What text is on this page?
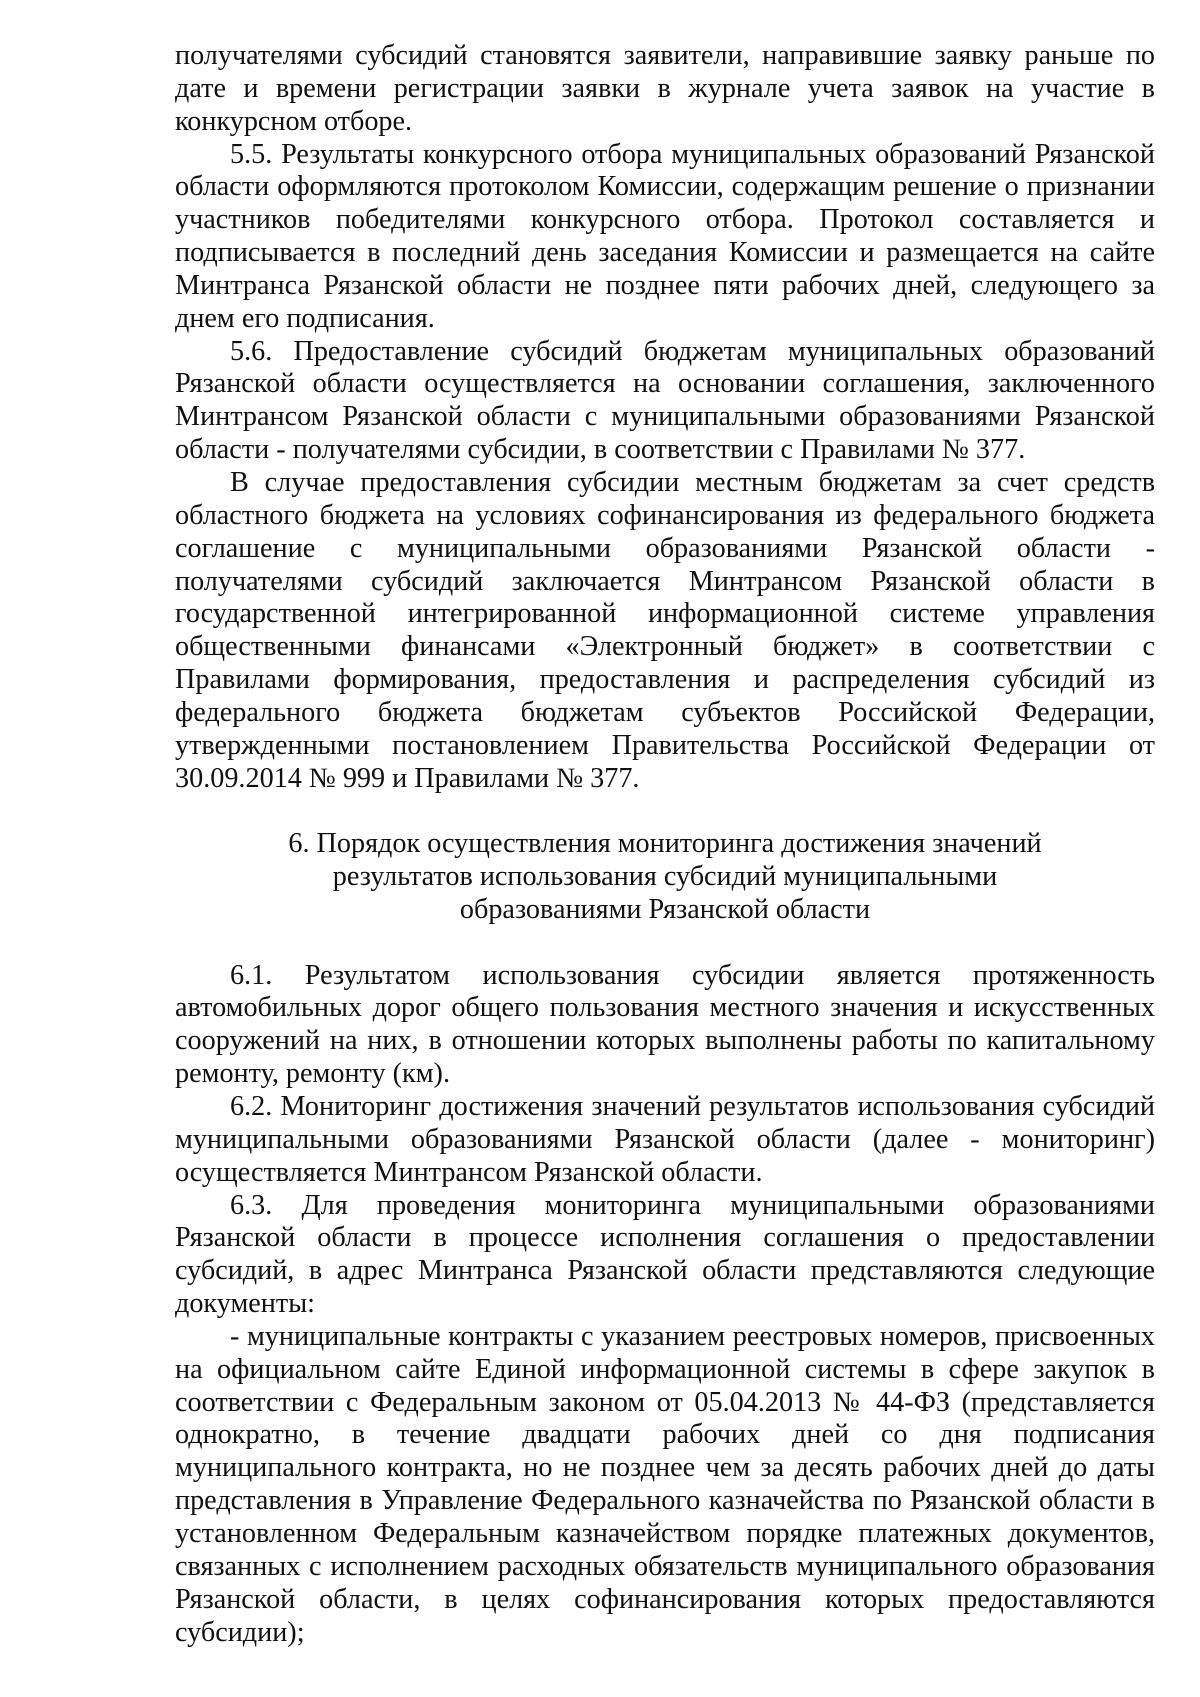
получателями субсидий становятся заявители, направившие заявку раньше по дате и времени регистрации заявки в журнале учета заявок на участие в конкурсном отборе.

5.5. Результаты конкурсного отбора муниципальных образований Рязанской области оформляются протоколом Комиссии, содержащим решение о признании участников победителями конкурсного отбора. Протокол составляется и подписывается в последний день заседания Комиссии и размещается на сайте Минтранса Рязанской области не позднее пяти рабочих дней, следующего за днем его подписания.

5.6. Предоставление субсидий бюджетам муниципальных образований Рязанской области осуществляется на основании соглашения, заключенного Минтрансом Рязанской области с муниципальными образованиями Рязанской области - получателями субсидии, в соответствии с Правилами № 377.

В случае предоставления субсидии местным бюджетам за счет средств областного бюджета на условиях софинансирования из федерального бюджета соглашение с муниципальными образованиями Рязанской области - получателями субсидий заключается Минтрансом Рязанской области в государственной интегрированной информационной системе управления общественными финансами «Электронный бюджет» в соответствии с Правилами формирования, предоставления и распределения субсидий из федерального бюджета бюджетам субъектов Российской Федерации, утвержденными постановлением Правительства Российской Федерации от 30.09.2014 № 999 и Правилами № 377.

6. Порядок осуществления мониторинга достижения значений
результатов использования субсидий муниципальными
образованиями Рязанской области

6.1. Результатом использования субсидии является протяженность автомобильных дорог общего пользования местного значения и искусственных сооружений на них, в отношении которых выполнены работы по капитальному ремонту, ремонту (км).

6.2. Мониторинг достижения значений результатов использования субсидий муниципальными образованиями Рязанской области (далее - мониторинг) осуществляется Минтрансом Рязанской области.

6.3. Для проведения мониторинга муниципальными образованиями Рязанской области в процессе исполнения соглашения о предоставлении субсидий, в адрес Минтранса Рязанской области представляются следующие документы:

- муниципальные контракты с указанием реестровых номеров, присвоенных на официальном сайте Единой информационной системы в сфере закупок в соответствии с Федеральным законом от 05.04.2013 № 44-ФЗ (представляется однократно, в течение двадцати рабочих дней со дня подписания муниципального контракта, но не позднее чем за десять рабочих дней до даты представления в Управление Федерального казначейства по Рязанской области в установленном Федеральным казначейством порядке платежных документов, связанных с исполнением расходных обязательств муниципального образования Рязанской области, в целях софинансирования которых предоставляются субсидии);
